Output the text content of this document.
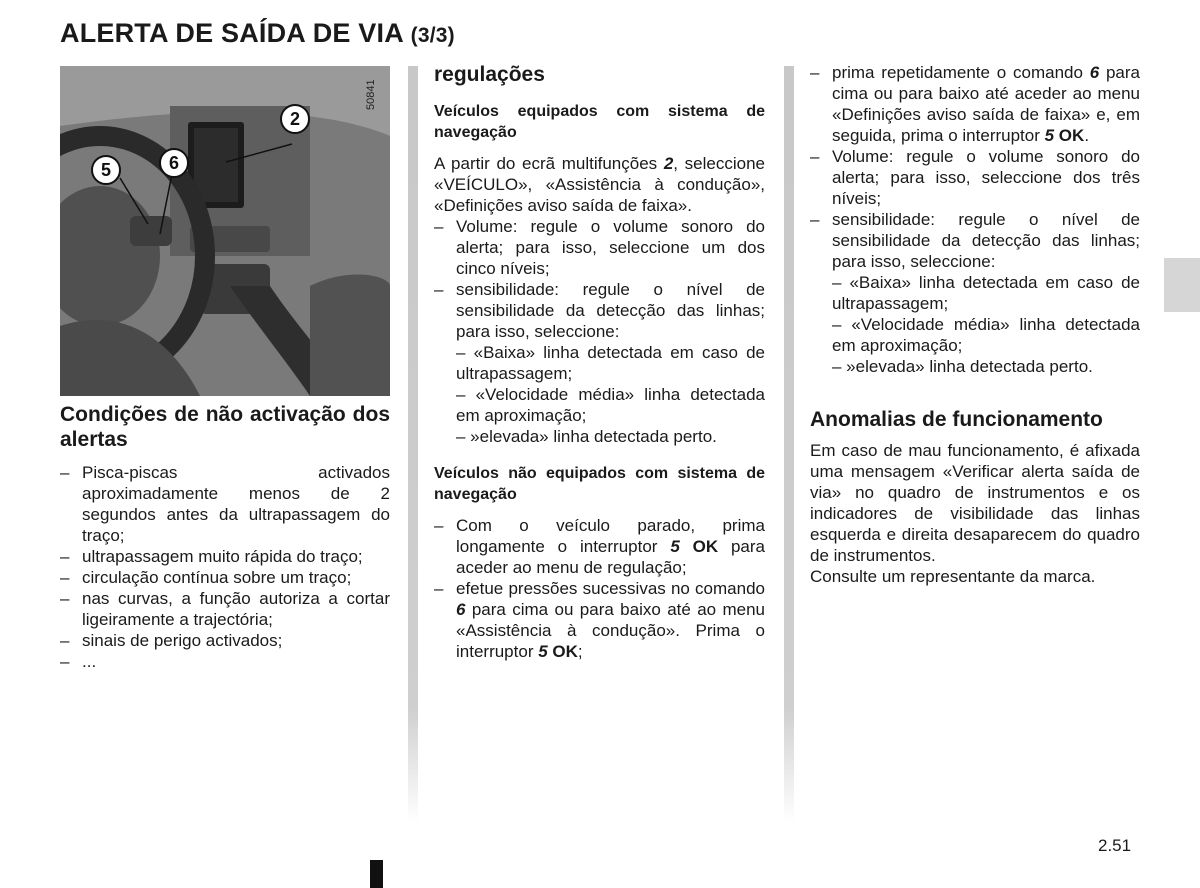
ALERTA DE SAÍDA DE VIA (3/3)
2
5	6
50841
Condições de não activação dos alertas
– Pisca-piscas activados aproximadamente menos de 2 segundos antes da ultrapassagem do traço;
– ultrapassagem muito rápida do traço;
– circulação contínua sobre um traço;
– nas curvas, a função autoriza a cortar ligeiramente a trajectória;
– sinais de perigo activados;
– ...
regulações
Veículos equipados com sistema de navegação

A partir do ecrã multifunções 2, seleccione «VEÍCULO», «Assistência à condução», «Definições aviso saída de faixa».

– Volume: regule o volume sonoro do alerta; para isso, seleccione um dos cinco níveis;
– sensibilidade: regule o nível de sensibilidade da detecção das linhas; para isso, seleccione:
– «Baixa» linha detectada em caso de ultrapassagem;
– «Velocidade média» linha detectada em aproximação;
– »elevada» linha detectada perto.
Veículos não equipados com sistema de navegação
– Com o veículo parado, prima longamente o interruptor 5 OK para aceder ao menu de regulação;
– efetue pressões sucessivas no comando 6 para cima ou para baixo até ao menu «Assistência à condução». Prima o interruptor 5 OK;
– prima repetidamente o comando 6 para cima ou para baixo até aceder ao menu «Definições aviso saída de faixa» e, em seguida, prima o interruptor 5 OK.
– Volume: regule o volume sonoro do alerta; para isso, seleccione dos três níveis;
– sensibilidade: regule o nível de sensibilidade da detecção das linhas; para isso, seleccione:

– «Baixa» linha detectada em caso de ultrapassagem;

– «Velocidade média» linha detectada em aproximação;

– »elevada» linha detectada perto.

Anomalias de funcionamento

Em caso de mau funcionamento, é afixada uma mensagem «Verificar alerta saída de via» no quadro de instrumentos e os indicadores de visibilidade das linhas esquerda e direita desaparecem do quadro de instrumentos.

Consulte um representante da marca.

2.51
